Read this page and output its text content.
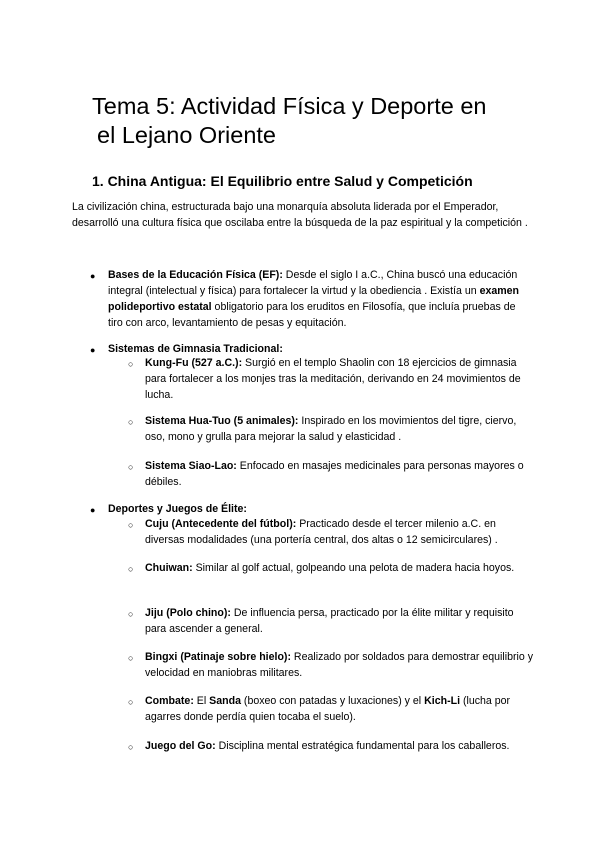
Tema 5: Actividad Física y Deporte en
el Lejano Oriente
1. China Antigua: El Equilibrio entre Salud y Competición

La civilización china, estructurada bajo una monarquía absoluta liderada por el Emperador, desarrolló una cultura física que oscilaba entre la búsqueda de la paz espiritual y la competición .

● Bases de la Educación Física (EF): Desde el siglo I a.C., China buscó una educación integral (intelectual y física) para fortalecer la virtud y la obediencia . Existía un examen polideportivo estatal obligatorio para los eruditos en Filosofía, que incluía pruebas de tiro con arco, levantamiento de pesas y equitación.

● Sistemas de Gimnasia Tradicional:

○ Kung-Fu (527 a.C.): Surgió en el templo Shaolin con 18 ejercicios de gimnasia para fortalecer a los monjes tras la meditación, derivando en 24 movimientos de lucha.

○ Sistema Hua-Tuo (5 animales): Inspirado en los movimientos del tigre, ciervo, oso, mono y grulla para mejorar la salud y elasticidad .

○ Sistema Siao-Lao: Enfocado en masajes medicinales para personas mayores o débiles.

● Deportes y Juegos de Élite:

○ Cuju (Antecedente del fútbol): Practicado desde el tercer milenio a.C. en diversas modalidades (una portería central, dos altas o 12 semicirculares) .

○ Chuiwan: Similar al golf actual, golpeando una pelota de madera hacia hoyos.

○ Jiju (Polo chino): De influencia persa, practicado por la élite militar y requisito para ascender a general.

○ Bingxi (Patinaje sobre hielo): Realizado por soldados para demostrar equilibrio y velocidad en maniobras militares.

○ Combate: El Sanda (boxeo con patadas y luxaciones) y el Kich-Li (lucha por agarres donde perdía quien tocaba el suelo).

○ Juego del Go: Disciplina mental estratégica fundamental para los caballeros.
